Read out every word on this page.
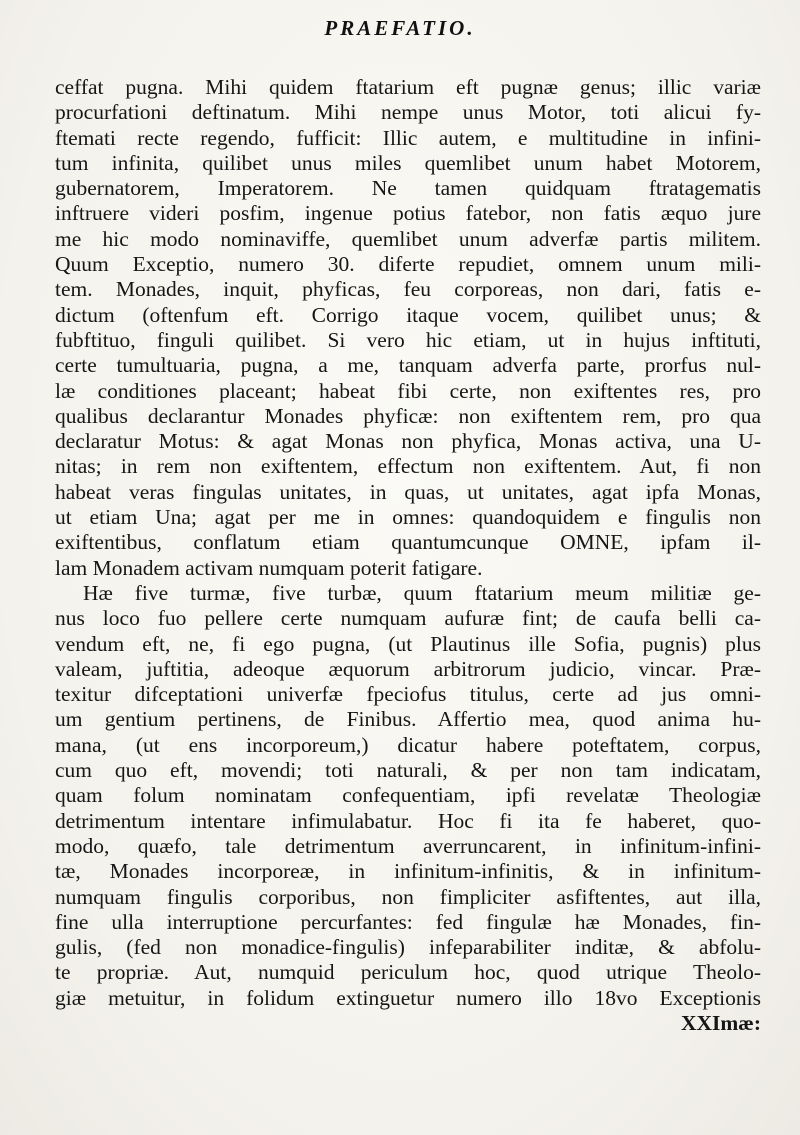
PRAEFATIO.
ceffat pugna. Mihi quidem ftatarium eft pugnæ genus; illic variæ
procurfationi deftinatum. Mihi nempe unus Motor, toti alicui fy-
ftemati recte regendo, fufficit: Illic autem, e multitudine in infini-
tum infinita, quilibet unus miles quemlibet unum habet Motorem,
gubernatorem, Imperatorem. Ne tamen quidquam ftratagematis
inftruere videri posfim, ingenue potius fatebor, non fatis æquo jure
me hic modo nominaviffe, quemlibet unum adverfæ partis militem.
Quum Exceptio, numero 30. diferte repudiet, omnem unum mili-
tem. Monades, inquit, phyficas, feu corporeas, non dari, fatis e-
dictum (oftenfum eft. Corrigo itaque vocem, quilibet unus; &
fubftituo, finguli quilibet. Si vero hic etiam, ut in hujus inftituti,
certe tumultuaria, pugna, a me, tanquam adverfa parte, prorfus nul-
læ conditiones placeant; habeat fibi certe, non exiftentes res, pro
qualibus declarantur Monades phyficæ: non exiftentem rem, pro qua
declaratur Motus: & agat Monas non phyfica, Monas activa, una U-
nitas; in rem non exiftentem, effectum non exiftentem. Aut, fi non
habeat veras fingulas unitates, in quas, ut unitates, agat ipfa Monas,
ut etiam Una; agat per me in omnes: quandoquidem e fingulis non
exiftentibus, conflatum etiam quantumcunque OMNE, ipfam il-
lam Monadem activam numquam poterit fatigare.
Hæ five turmæ, five turbæ, quum ftatarium meum militiæ ge-
nus loco fuo pellere certe numquam aufuræ fint; de caufa belli ca-
vendum eft, ne, fi ego pugna, (ut Plautinus ille Sofia, pugnis) plus
valeam, juftitia, adeoque æquorum arbitrorum judicio, vincar. Præ-
texitur difceptationi univerfæ fpeciofus titulus, certe ad jus omni-
um gentium pertinens, de Finibus. Affertio mea, quod anima hu-
mana, (ut ens incorporeum,) dicatur habere poteftatem, corpus,
cum quo eft, movendi; toti naturali, & per non tam indicatam,
quam folum nominatam confequentiam, ipfi revelatæ Theologiæ
detrimentum intentare infimulabatur. Hoc fi ita fe haberet, quo-
modo, quæfo, tale detrimentum averruncarent, in infinitum-infini-
tæ, Monades incorporeæ, in infinitum-infinitis, & in infinitum-
numquam fingulis corporibus, non fimpliciter asfiftentes, aut illa,
fine ulla interruptione percurfantes: fed fingulæ hæ Monades, fin-
gulis, (fed non monadice-fingulis) infeparabiliter inditæ, & abfolu-
te propriæ. Aut, numquid periculum hoc, quod utrique Theolo-
giæ metuitur, in folidum extinguetur numero illo 18vo Exceptionis
XXImæ:
